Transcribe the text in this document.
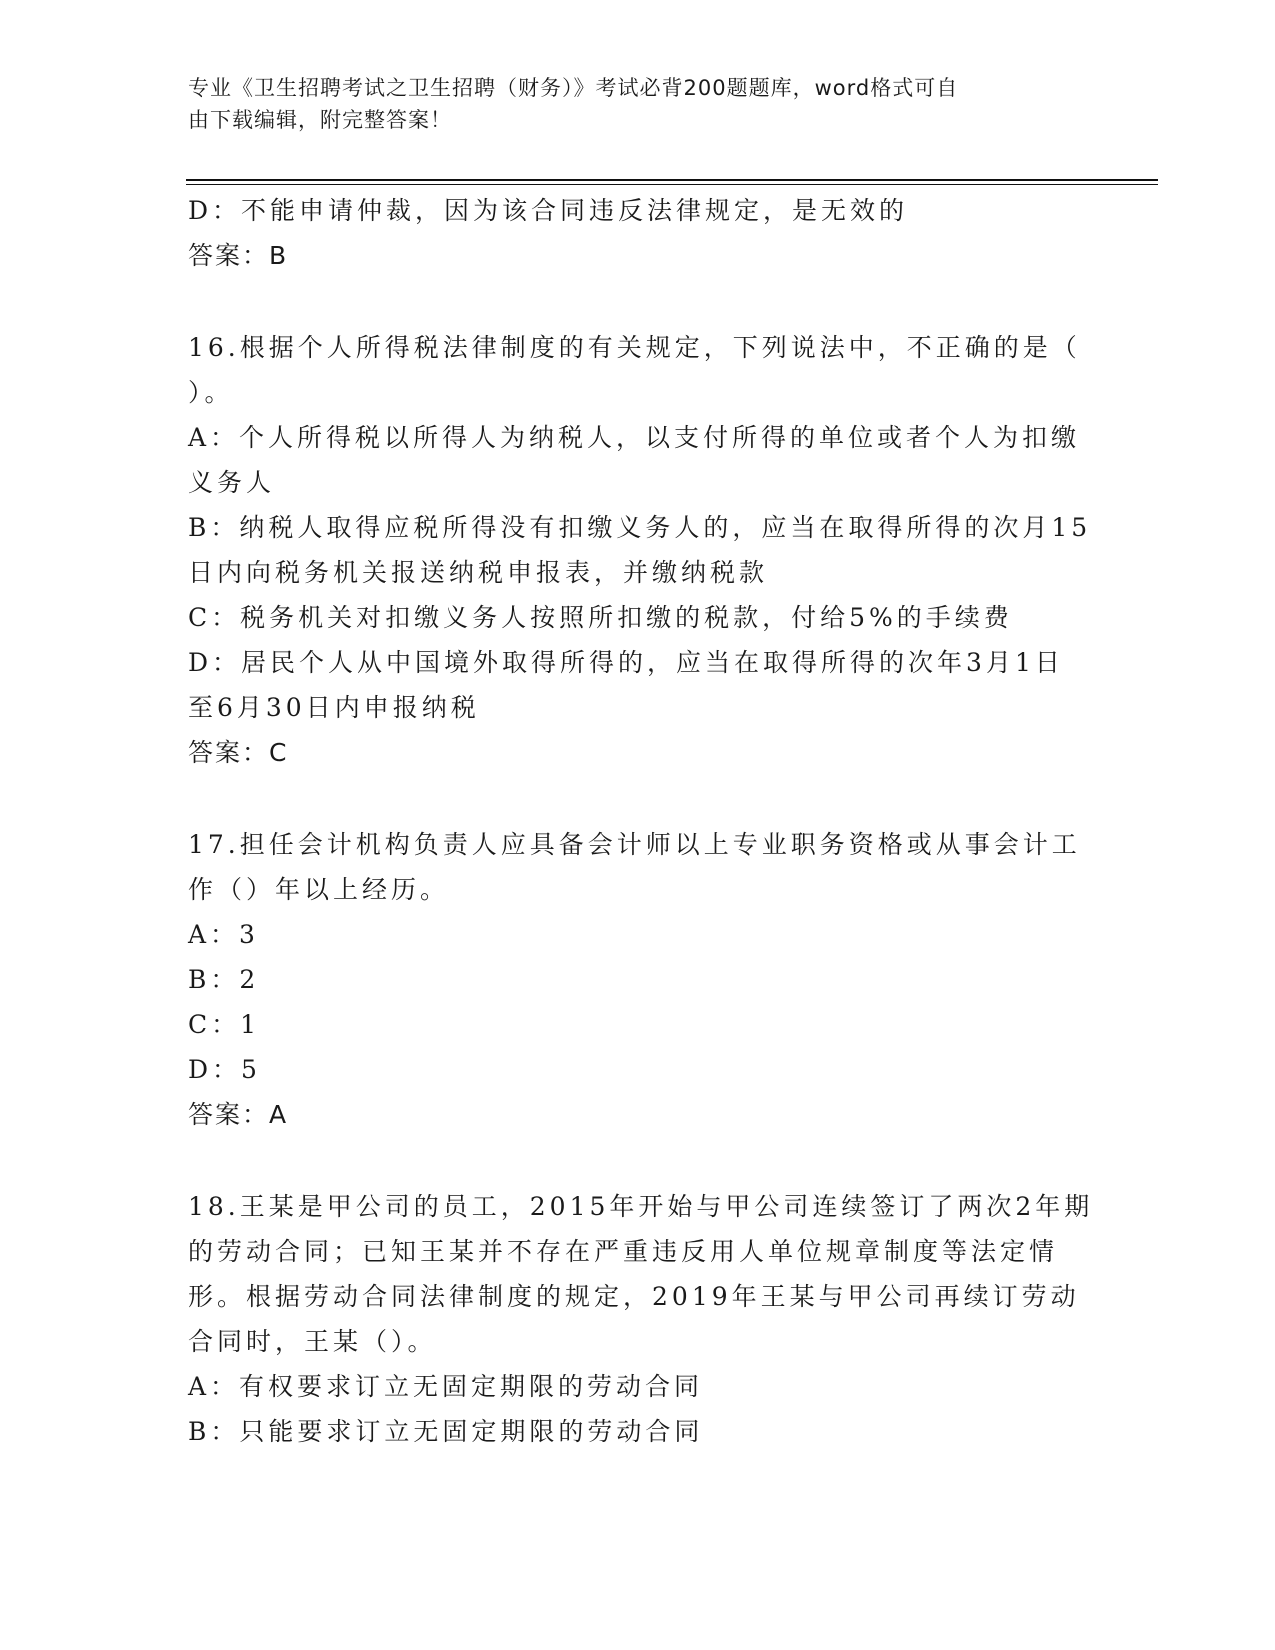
专业《卫生招聘考试之卫生招聘（财务）》考试必背200题题库，word格式可自
由下载编辑，附完整答案！
D：不能申请仲裁，因为该合同违反法律规定，是无效的
答案：B
16.根据个人所得税法律制度的有关规定，下列说法中，不正确的是（
）。
A：个人所得税以所得人为纳税人，以支付所得的单位或者个人为扣缴
义务人
B：纳税人取得应税所得没有扣缴义务人的，应当在取得所得的次月15
日内向税务机关报送纳税申报表，并缴纳税款
C：税务机关对扣缴义务人按照所扣缴的税款，付给5%的手续费
D：居民个人从中国境外取得所得的，应当在取得所得的次年3月1日
至6月30日内申报纳税
答案：C
17.担任会计机构负责人应具备会计师以上专业职务资格或从事会计工
作（）年以上经历。
A：3
B：2
C：1
D：5
答案：A
18.王某是甲公司的员工，2015年开始与甲公司连续签订了两次2年期
的劳动合同；已知王某并不存在严重违反用人单位规章制度等法定情
形。根据劳动合同法律制度的规定，2019年王某与甲公司再续订劳动
合同时，王某（）。
A：有权要求订立无固定期限的劳动合同
B：只能要求订立无固定期限的劳动合同
